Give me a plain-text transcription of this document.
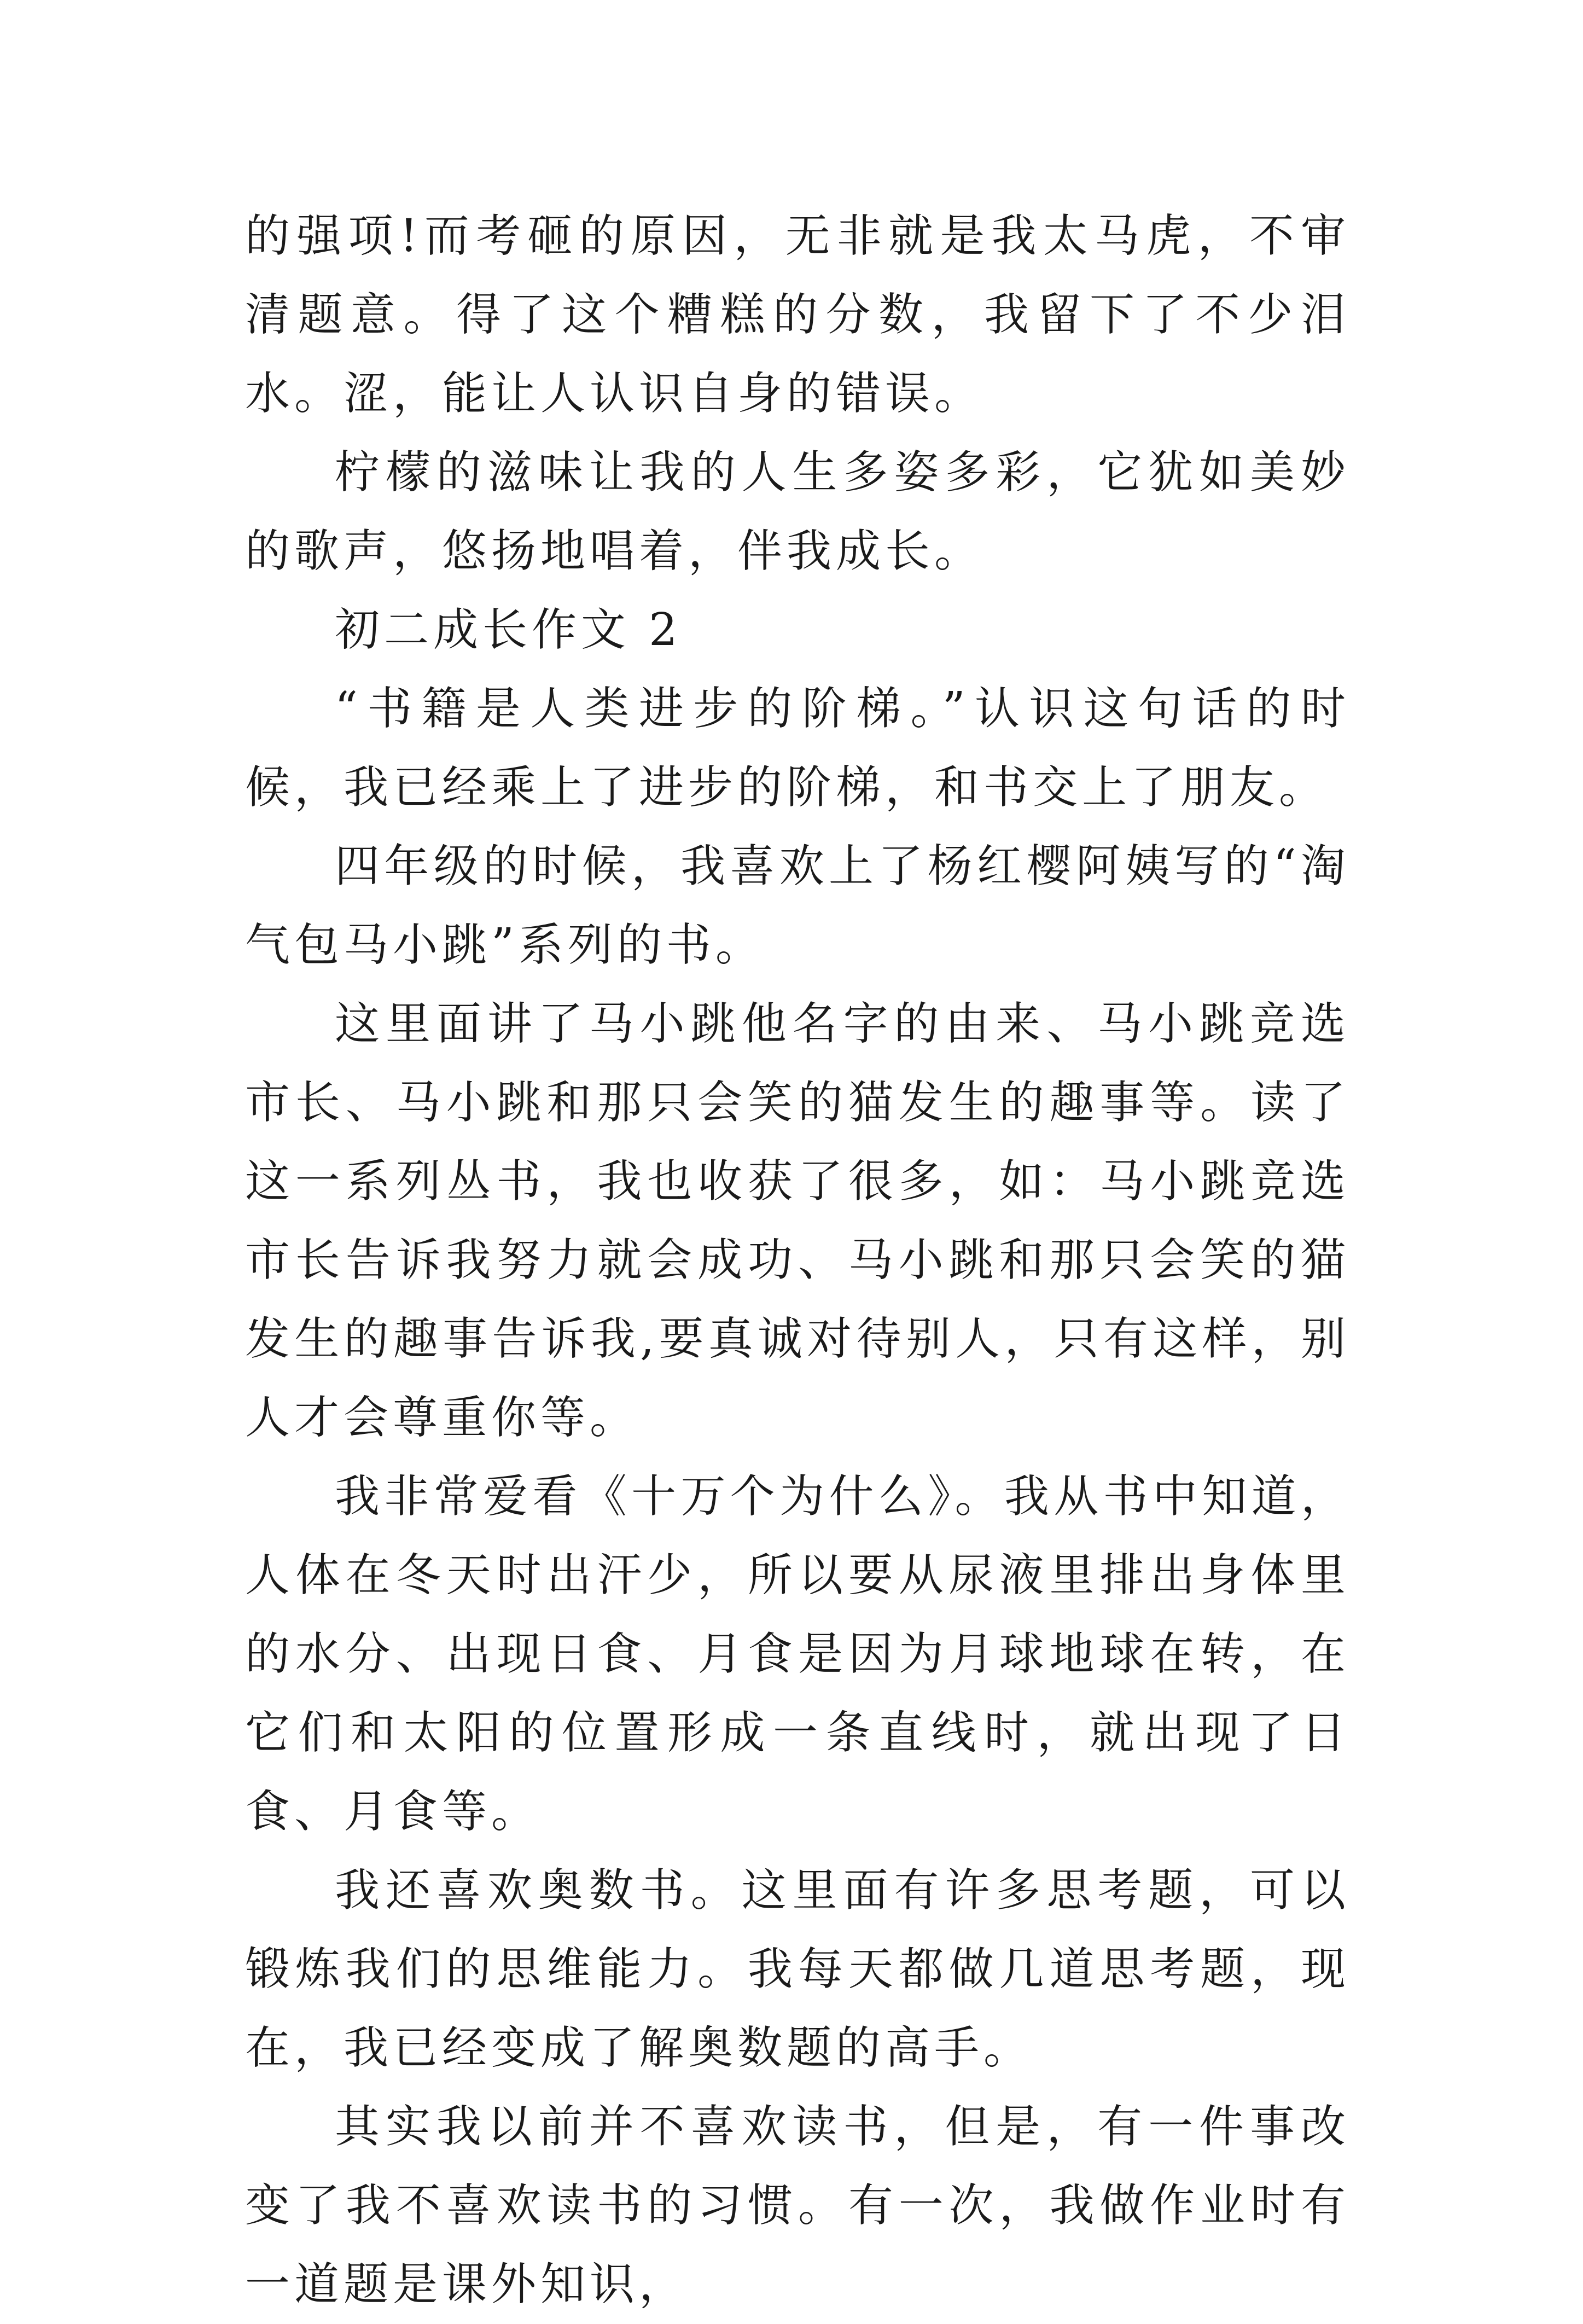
的强项!而考砸的原因，无非就是我太马虎，不审清题意。得了这个糟糕的分数，我留下了不少泪水。涩，能让人认识自身的错误。

柠檬的滋味让我的人生多姿多彩，它犹如美妙的歌声，悠扬地唱着，伴我成长。

初二成长作文 2

“书籍是人类进步的阶梯。”认识这句话的时候，我已经乘上了进步的阶梯，和书交上了朋友。

四年级的时候，我喜欢上了杨红樱阿姨写的“淘气包马小跳”系列的书。

这里面讲了马小跳他名字的由来、马小跳竞选市长、马小跳和那只会笑的猫发生的趣事等。读了这一系列丛书，我也收获了很多，如：马小跳竞选市长告诉我努力就会成功、马小跳和那只会笑的猫发生的趣事告诉我,要真诚对待别人，只有这样，别人才会尊重你等。

我非常爱看《十万个为什么》。我从书中知道，人体在冬天时出汗少，所以要从尿液里排出身体里的水分、出现日食、月食是因为月球地球在转，在它们和太阳的位置形成一条直线时，就出现了日食、月食等。

我还喜欢奥数书。这里面有许多思考题，可以锻炼我们的思维能力。我每天都做几道思考题，现在，我已经变成了解奥数题的高手。

其实我以前并不喜欢读书，但是，有一件事改变了我不喜欢读书的习惯。有一次，我做作业时有一道题是课外知识，
